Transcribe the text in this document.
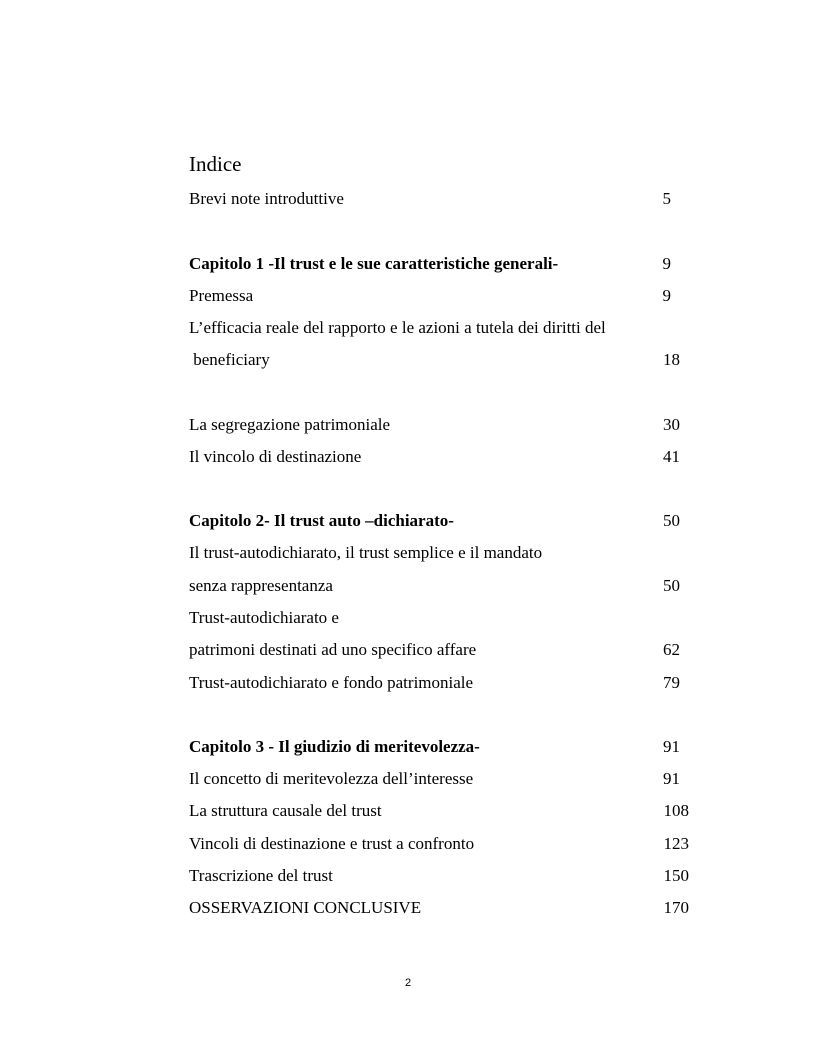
Indice
Brevi note introduttive	5
Capitolo 1 -Il trust e le sue caratteristiche generali-	9
Premessa	9
L’efficacia reale del rapporto e le azioni a tutela dei diritti del
beneficiary	18
La segregazione patrimoniale	30
Il vincolo di destinazione	41
Capitolo 2- Il trust auto –dichiarato-	50
Il trust-autodichiarato, il trust semplice e il mandato
senza rappresentanza	50
Trust-autodichiarato e
patrimoni destinati ad uno specifico affare	62
Trust-autodichiarato e fondo patrimoniale	79
Capitolo 3 - Il giudizio di meritevolezza-	91
Il concetto di meritevolezza dell’interesse	91
La struttura causale del trust	108
Vincoli di destinazione e trust a confronto	123
Trascrizione del trust	150
OSSERVAZIONI CONCLUSIVE	170
2
